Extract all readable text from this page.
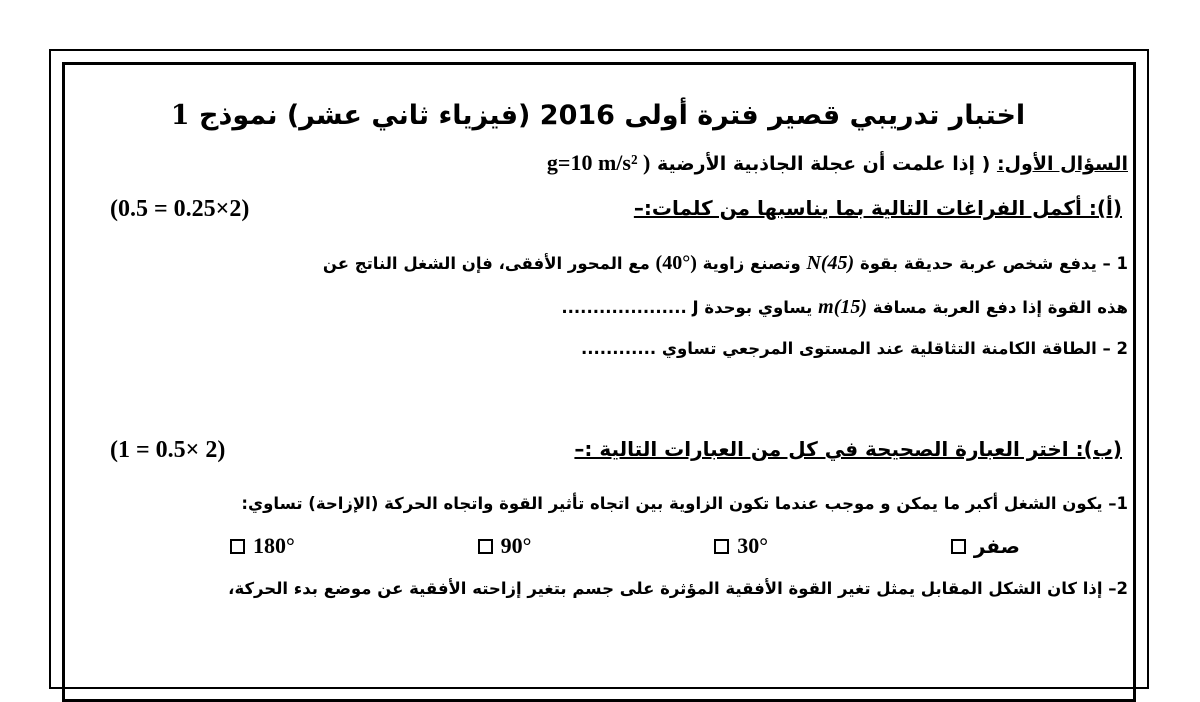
اختبار تدريبي قصير فترة أولى 2016 (فيزياء ثاني عشر) نموذج 1
السؤال الأول: ( إذا علمت أن عجلة الجاذبية الأرضية g=10 m/s² )
(أ): أكمل الفراغات التالية بما يناسبها من كلمات:–
(0.5 = 0.25×2)
1 – يدفع شخص عربة حديقة بقوة N(45) وتصنع زاوية (40°) مع المحور الأفقى، فإن الشغل الناتج عن
هذه القوة إذا دفع العربة مسافة m(15) يساوي بوحدة J ....................
2 – الطاقة الكامنة التثاقلية عند المستوى المرجعي تساوي ............
(ب): اختر العبارة الصحيحة في كل من العبارات التالية :–
(1 = 0.5× 2)
1– يكون الشغل أكبر ما يمكن و موجب عندما تكون الزاوية بين اتجاه تأثير القوة واتجاه الحركة (الإزاحة) تساوي:
صفر
30°
90°
180°
2– إذا كان الشكل المقابل يمثل تغير القوة الأفقية المؤثرة على جسم بتغير إزاحته الأفقية عن موضع بدء الحركة،
